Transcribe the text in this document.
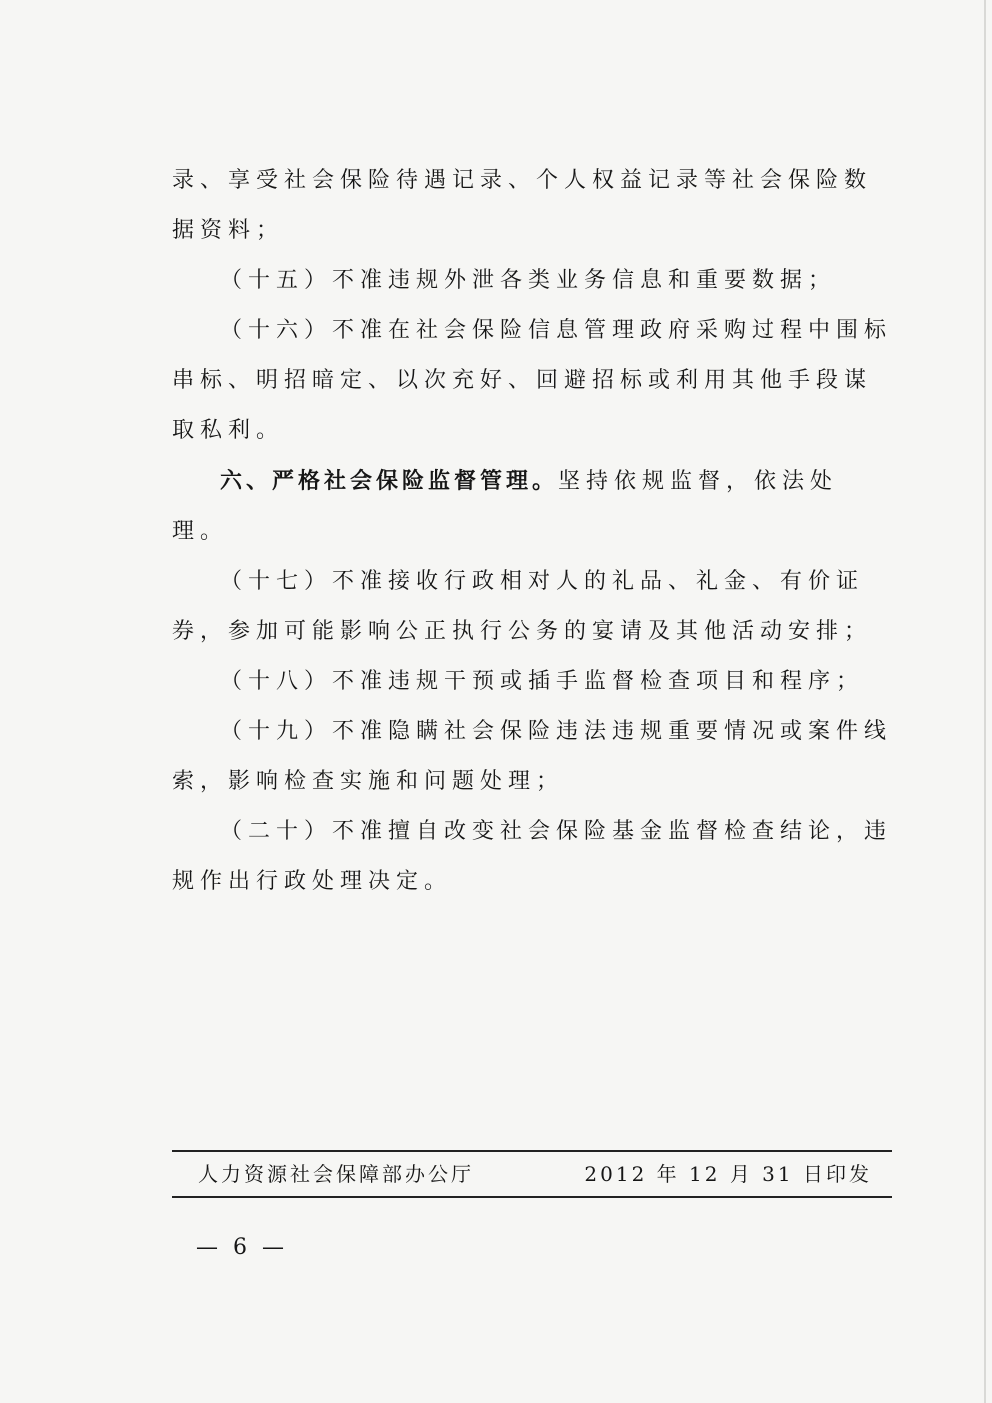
录、享受社会保险待遇记录、个人权益记录等社会保险数据资料；

（十五）不准违规外泄各类业务信息和重要数据；

（十六）不准在社会保险信息管理政府采购过程中围标串标、明招暗定、以次充好、回避招标或利用其他手段谋取私利。

六、严格社会保险监督管理。坚持依规监督，依法处理。

（十七）不准接收行政相对人的礼品、礼金、有价证券，参加可能影响公正执行公务的宴请及其他活动安排；

（十八）不准违规干预或插手监督检查项目和程序；

（十九）不准隐瞒社会保险违法违规重要情况或案件线索，影响检查实施和问题处理；

（二十）不准擅自改变社会保险基金监督检查结论，违规作出行政处理决定。

人力资源社会保障部办公厅	2012 年 12 月 31 日印发
— 6 —
